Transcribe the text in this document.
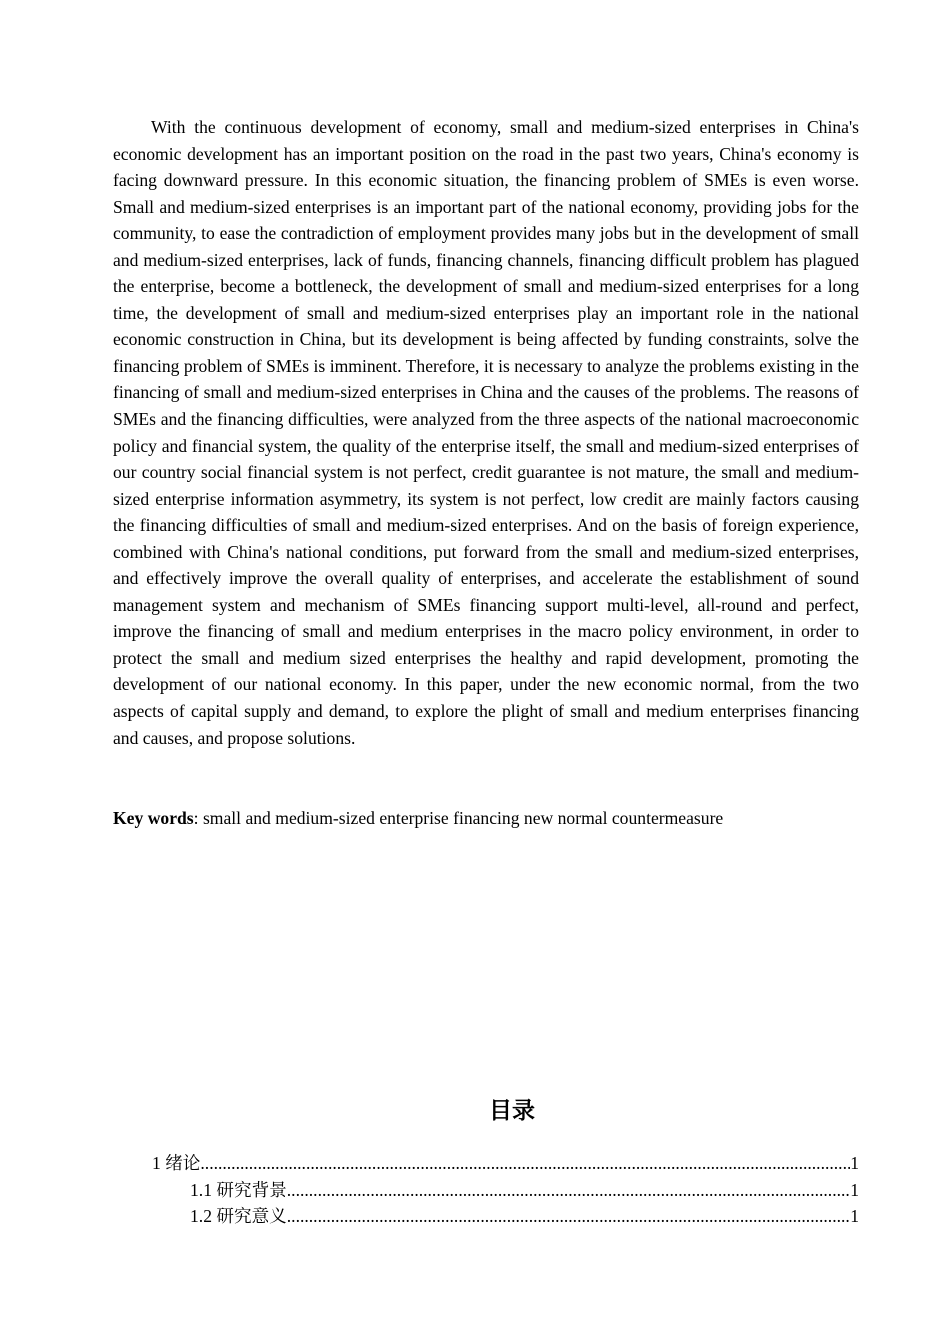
With the continuous development of economy, small and medium-sized enterprises in China's economic development has an important position on the road in the past two years, China's economy is facing downward pressure. In this economic situation, the financing problem of SMEs is even worse. Small and medium-sized enterprises is an important part of the national economy, providing jobs for the community, to ease the contradiction of employment provides many jobs but in the development of small and medium-sized enterprises, lack of funds, financing channels, financing difficult problem has plagued the enterprise, become a bottleneck, the development of small and medium-sized enterprises for a long time, the development of small and medium-sized enterprises play an important role in the national economic construction in China, but its development is being affected by funding constraints, solve the financing problem of SMEs is imminent. Therefore, it is necessary to analyze the problems existing in the financing of small and medium-sized enterprises in China and the causes of the problems. The reasons of SMEs and the financing difficulties, were analyzed from the three aspects of the national macroeconomic policy and financial system, the quality of the enterprise itself, the small and medium-sized enterprises of our country social financial system is not perfect, credit guarantee is not mature, the small and medium-sized enterprise information asymmetry, its system is not perfect, low credit are mainly factors causing the financing difficulties of small and medium-sized enterprises. And on the basis of foreign experience, combined with China's national conditions, put forward from the small and medium-sized enterprises, and effectively improve the overall quality of enterprises, and accelerate the establishment of sound management system and mechanism of SMEs financing support multi-level, all-round and perfect, improve the financing of small and medium enterprises in the macro policy environment, in order to protect the small and medium sized enterprises the healthy and rapid development, promoting the development of our national economy. In this paper, under the new economic normal, from the two aspects of capital supply and demand, to explore the plight of small and medium enterprises financing and causes, and propose solutions.

Key words: small and medium-sized enterprise financing new normal countermeasure

目录
1 绪论 .....	1
1.1 研究背景 .....	1
1.2 研究意义 .....	1
